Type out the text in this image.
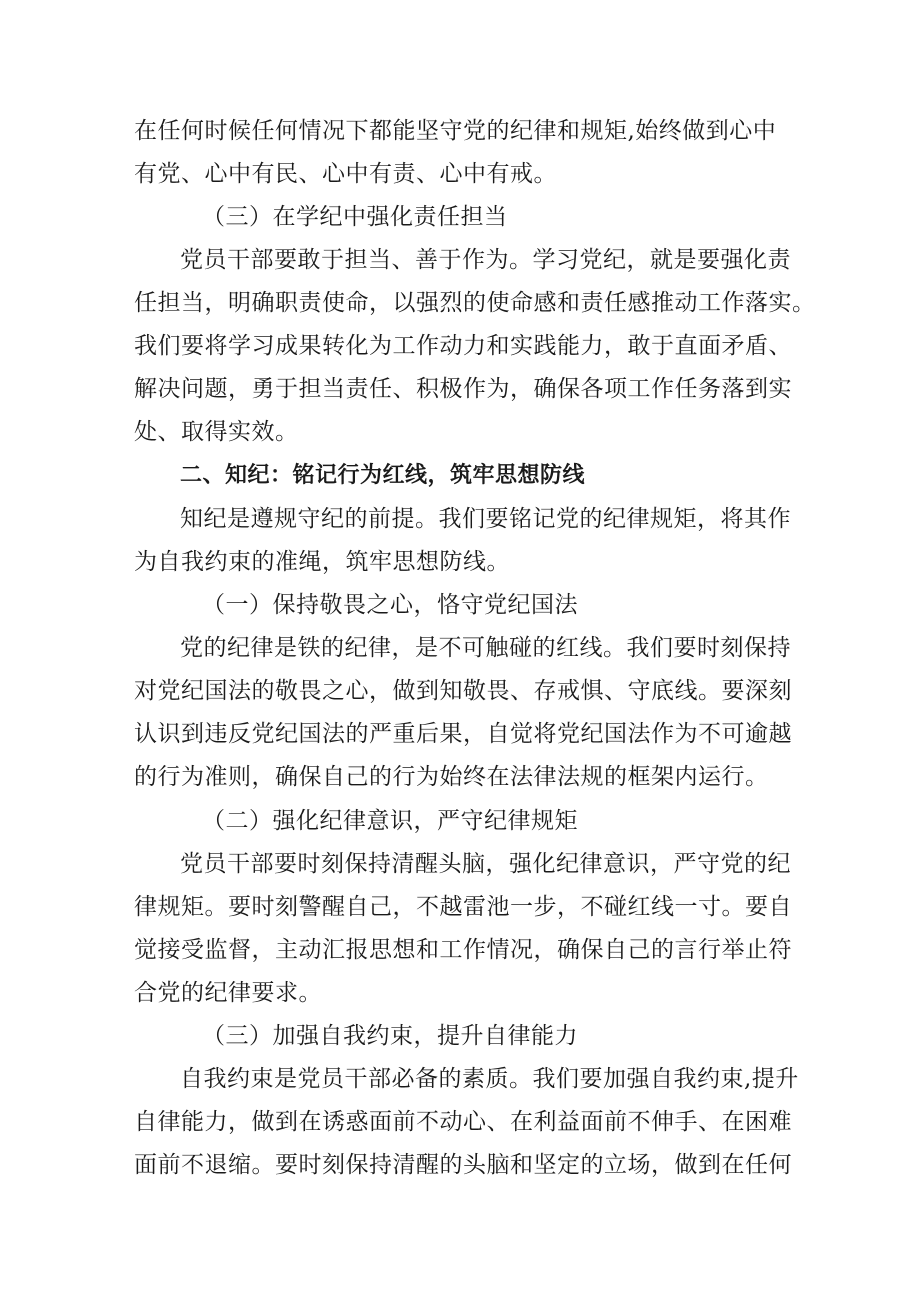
在任何时候任何情况下都能坚守党的纪律和规矩,始终做到心中
有党、心中有民、心中有责、心中有戒。
（三）在学纪中强化责任担当
党员干部要敢于担当、善于作为。学习党纪，就是要强化责
任担当，明确职责使命，以强烈的使命感和责任感推动工作落实。
我们要将学习成果转化为工作动力和实践能力，敢于直面矛盾、
解决问题，勇于担当责任、积极作为，确保各项工作任务落到实
处、取得实效。
二、知纪：铭记行为红线，筑牢思想防线
知纪是遵规守纪的前提。我们要铭记党的纪律规矩，将其作
为自我约束的准绳，筑牢思想防线。
（一）保持敬畏之心，恪守党纪国法
党的纪律是铁的纪律，是不可触碰的红线。我们要时刻保持
对党纪国法的敬畏之心，做到知敬畏、存戒惧、守底线。要深刻
认识到违反党纪国法的严重后果，自觉将党纪国法作为不可逾越
的行为准则，确保自己的行为始终在法律法规的框架内运行。
（二）强化纪律意识，严守纪律规矩
党员干部要时刻保持清醒头脑，强化纪律意识，严守党的纪
律规矩。要时刻警醒自己，不越雷池一步，不碰红线一寸。要自
觉接受监督，主动汇报思想和工作情况，确保自己的言行举止符
合党的纪律要求。
（三）加强自我约束，提升自律能力
自我约束是党员干部必备的素质。我们要加强自我约束,提升
自律能力，做到在诱惑面前不动心、在利益面前不伸手、在困难
面前不退缩。要时刻保持清醒的头脑和坚定的立场，做到在任何
